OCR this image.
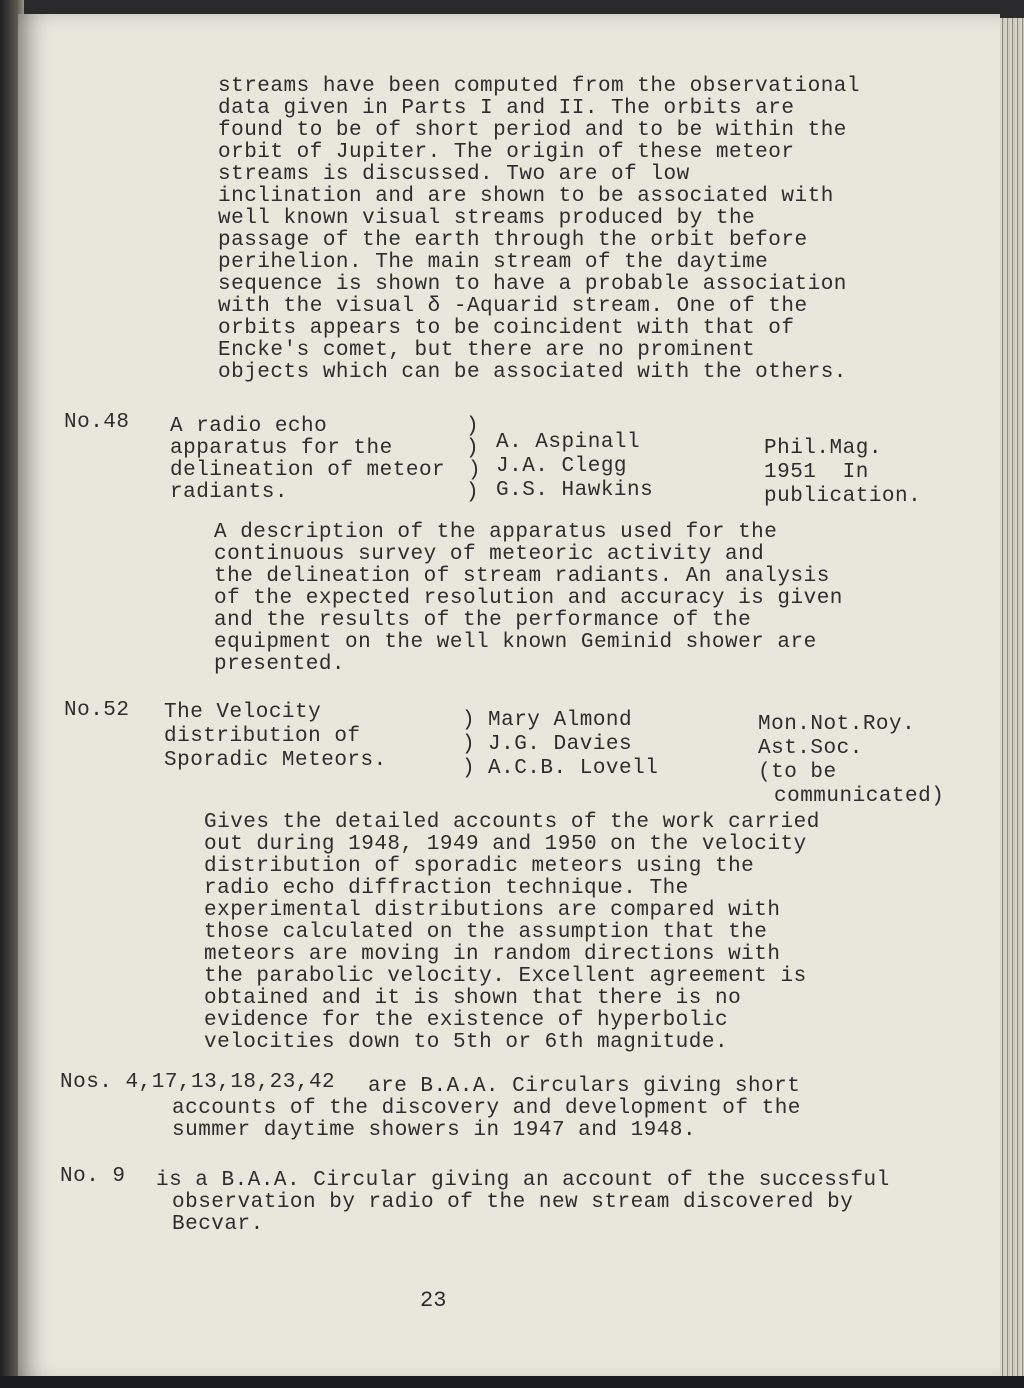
streams have been computed from the observational
data given in Parts I and II. The orbits are
found to be of short period and to be within the
orbit of Jupiter. The origin of these meteor
streams is discussed. Two are of low
inclination and are shown to be associated with
well known visual streams produced by the
passage of the earth through the orbit before
perihelion. The main stream of the daytime
sequence is shown to have a probable association
with the visual δ -Aquarid stream. One of the
orbits appears to be coincident with that of
Encke's comet, but there are no prominent
objects which can be associated with the others.
No.48 A radio echo
apparatus for the
delineation of meteor
radiants.
)
)
)
)
A. Aspinall
J.A. Clegg
G.S. Hawkins
Phil.Mag.
1951  In
publication.
A description of the apparatus used for the
continuous survey of meteoric activity and
the delineation of stream radiants. An analysis
of the expected resolution and accuracy is given
and the results of the performance of the
equipment on the well known Geminid shower are
presented.
No.52 The Velocity
distribution of
Sporadic Meteors.
)
)
)
Mary Almond
J.G. Davies
A.C.B. Lovell
Mon.Not.Roy.
Ast.Soc.
(to be
communicated)
Gives the detailed accounts of the work carried
out during 1948, 1949 and 1950 on the velocity
distribution of sporadic meteors using the
radio echo diffraction technique. The
experimental distributions are compared with
those calculated on the assumption that the
meteors are moving in random directions with
the parabolic velocity. Excellent agreement is
obtained and it is shown that there is no
evidence for the existence of hyperbolic
velocities down to 5th or 6th magnitude.
Nos. 4,17,13,18,23,42 are B.A.A. Circulars giving short
accounts of the discovery and development of the
summer daytime showers in 1947 and 1948.
No. 9 is a B.A.A. Circular giving an account of the successful
observation by radio of the new stream discovered by
Becvar.
23
